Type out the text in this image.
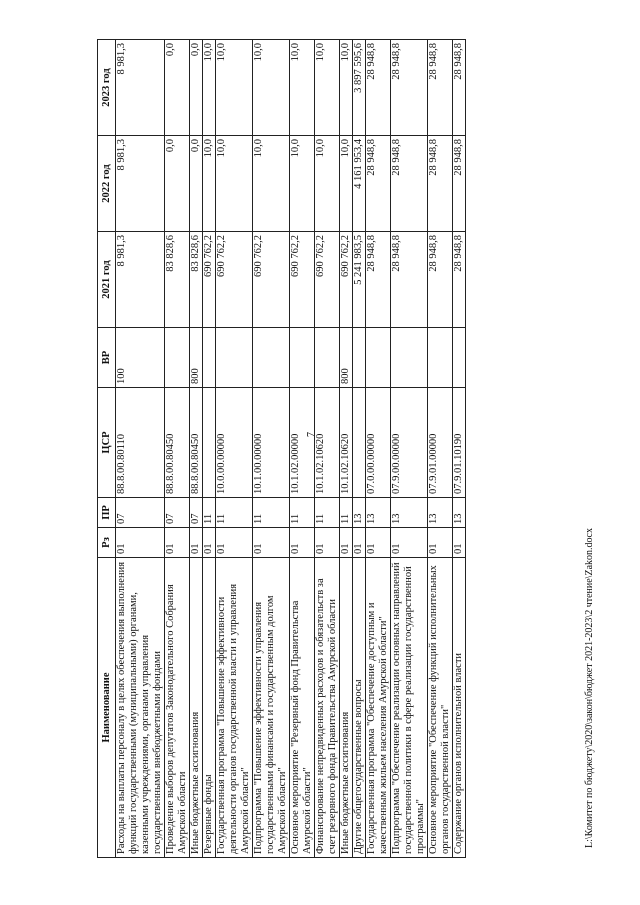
7
Наименование	Рз	ПР	ЦСР	ВР	2021 год	2022 год	2023 год
Расходы на выплаты персоналу в целях обеспечения выполнения функций государственными (муниципальными) органами, казенными учреждениями, органами управления государственными внебюджетными фондами	01	07	88.8.00.80110	100	8 981,3	8 981,3	8 981,3
Проведение выборов депутатов Законодательного Собрания Амурской области	01	07	88.8.00.80450		83 828,6	0,0	0,0
Иные бюджетные ассигнования	01	07	88.8.00.80450	800	83 828,6	0,0	0,0
Резервные фонды	01	11			690 762,2	10,0	10,0
Государственная программа "Повышение эффективности деятельности органов государственной власти и управления Амурской области"	01	11	10.0.00.00000		690 762,2	10,0	10,0
Подпрограмма "Повышение эффективности управления государственными финансами и государственным долгом Амурской области"	01	11	10.1.00.00000		690 762,2	10,0	10,0
Основное мероприятие "Резервный фонд Правительства Амурской области"	01	11	10.1.02.00000		690 762,2	10,0	10,0
Финансирование непредвиденных расходов и обязательств за счет резервного фонда Правительства Амурской области	01	11	10.1.02.10620		690 762,2	10,0	10,0
Иные бюджетные ассигнования	01	11	10.1.02.10620	800	690 762,2	10,0	10,0
Другие общегосударственные вопросы	01	13			5 241 983,5	4 161 953,4	3 897 595,6
Государственная программа "Обеспечение доступным и качественным жильем населения Амурской области"	01	13	07.0.00.00000		28 948,8	28 948,8	28 948,8
Подпрограмма "Обеспечение реализации основных направлений государственной политики в сфере реализации государственной программы"	01	13	07.9.00.00000		28 948,8	28 948,8	28 948,8
Основное мероприятие "Обеспечение функций исполнительных органов государственной власти"	01	13	07.9.01.00000		28 948,8	28 948,8	28 948,8
Содержание органов исполнительной власти	01	13	07.9.01.10190		28 948,8	28 948,8	28 948,8
L:\Комитет по бюджету\2020\закон\бюджет 2021-2023\2 чтение\Zakon.docx
